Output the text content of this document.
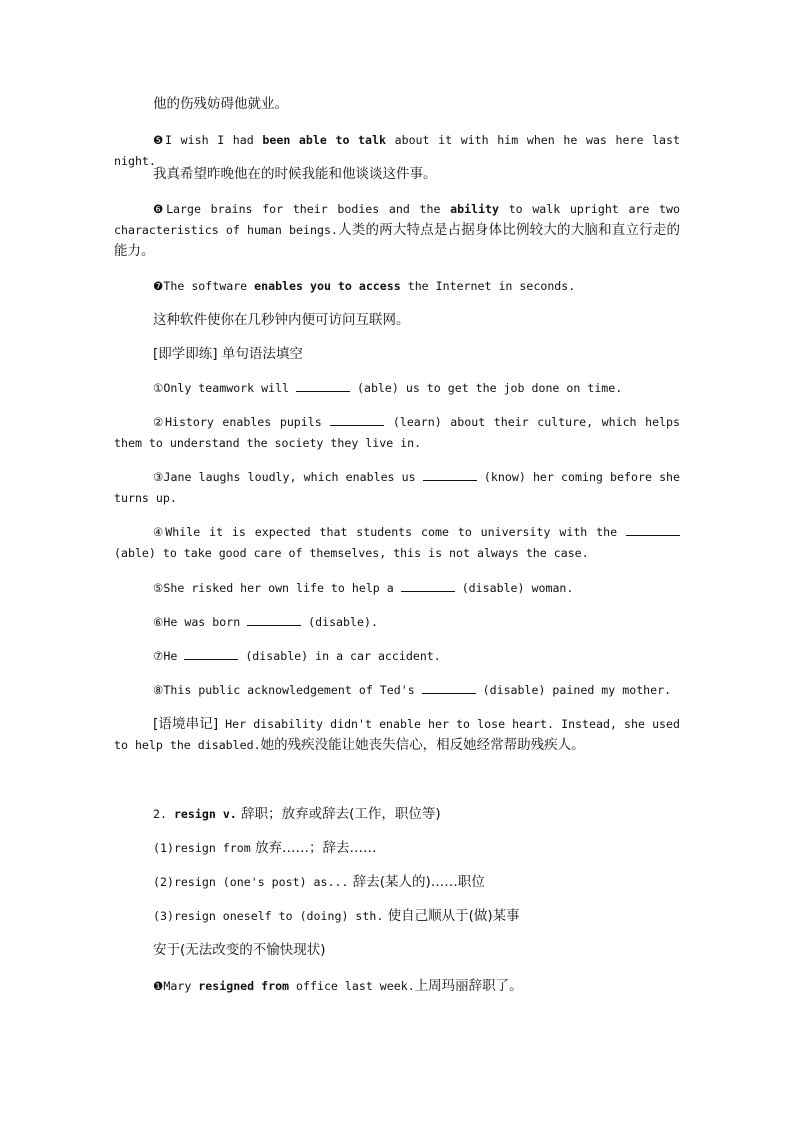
他的伤残妨碍他就业。

❺I wish I had been able to talk about it with him when he was here last night.

我真希望昨晚他在的时候我能和他谈谈这件事。

❻Large brains for their bodies and the ability to walk upright are two characteristics of human beings.人类的两大特点是占据身体比例较大的大脑和直立行走的能力。

❼The software enables you to access the Internet in seconds.

这种软件使你在几秒钟内便可访问互联网。

[即学即练] 单句语法填空

①Only teamwork will	(able) us to get the job done on time.

②History enables pupils	(learn) about their culture, which helps them to understand the society they live in.

③Jane laughs loudly, which enables us	(know) her coming before she turns up.

④While it is expected that students come to university with the  (able) to take good care of themselves, this is not always the case.

⑤She risked her own life to help a	(disable) woman.

⑥He was born	(disable).

⑦He	(disable) in a car accident.

⑧This public acknowledgement of Ted's	(disable) pained my mother.

[语境串记] Her disability didn't enable her to lose heart. Instead, she used to help the disabled.她的残疾没能让她丧失信心，相反她经常帮助残疾人。

2. resign v. 辞职；放弃或辞去(工作，职位等)

(1)resign from 放弃……；辞去……

(2)resign (one's post) as... 辞去(某人的)……职位

(3)resign oneself to (doing) sth. 使自己顺从于(做)某事

安于(无法改变的不愉快现状)

❶Mary resigned from office last week.上周玛丽辞职了。
